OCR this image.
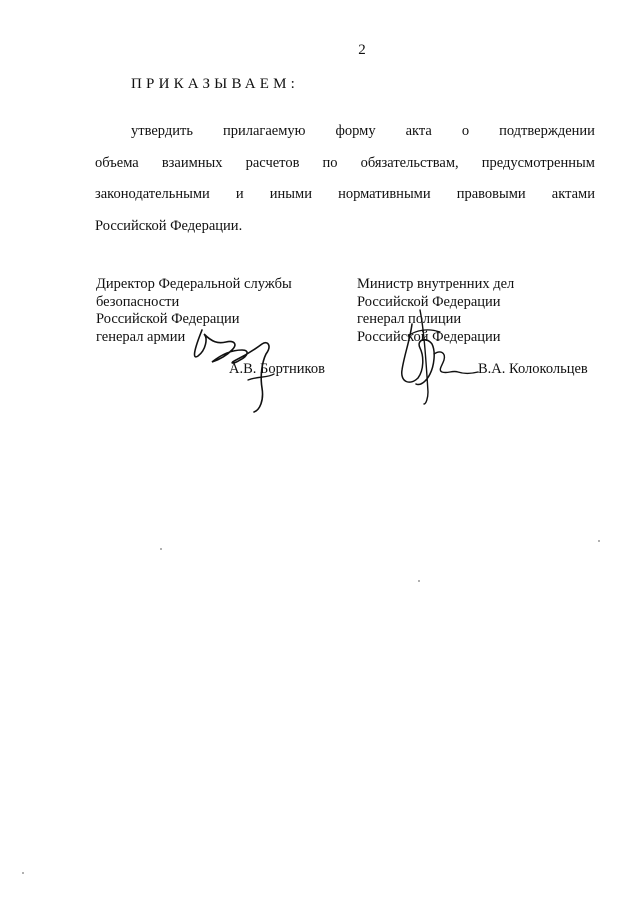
2
ПРИКАЗЫВАЕМ:
утвердить прилагаемую форму акта о подтверждении
объема взаимных расчетов по обязательствам, предусмотренным
законодательными и иными нормативными правовыми актами
Российской Федерации.
Директор Федеральной службы
безопасности
Российской Федерации
генерал армии
А.В. Бортников
Министр внутренних дел
Российской Федерации
генерал полиции
Российской Федерации
В.А. Колокольцев
